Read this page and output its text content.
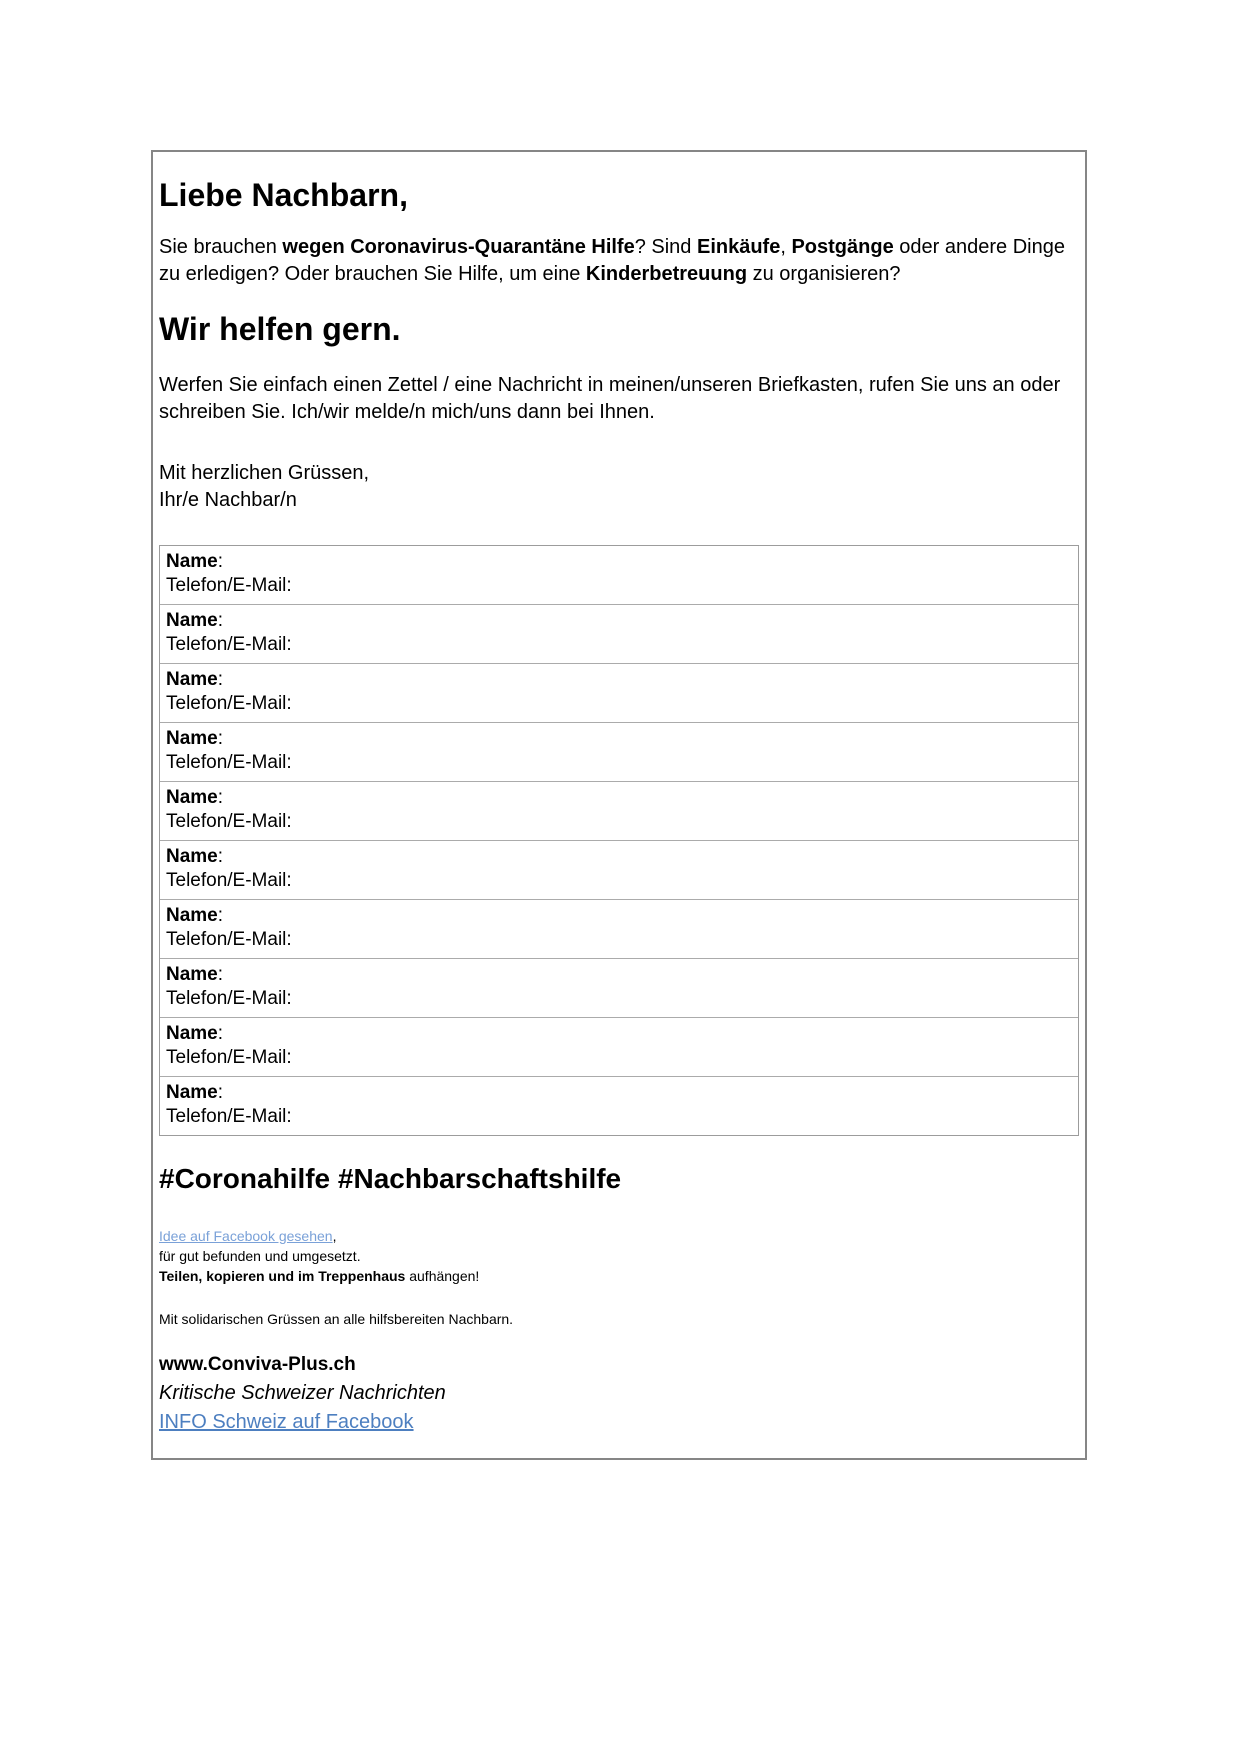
Liebe Nachbarn,

Sie brauchen wegen Coronavirus-Quarantäne Hilfe? Sind Einkäufe, Postgänge oder andere Dinge zu erledigen? Oder brauchen Sie Hilfe, um eine Kinderbetreuung zu organisieren?

Wir helfen gern.

Werfen Sie einfach einen Zettel / eine Nachricht in meinen/unseren Briefkasten, rufen Sie uns an oder schreiben Sie. Ich/wir melde/n mich/uns dann bei Ihnen.

Mit herzlichen Grüssen,
Ihr/e Nachbar/n

Name:
Telefon/E-Mail:
Name:
Telefon/E-Mail:
Name:
Telefon/E-Mail:
Name:
Telefon/E-Mail:
Name:
Telefon/E-Mail:
Name:
Telefon/E-Mail:
Name:
Telefon/E-Mail:
Name:
Telefon/E-Mail:
Name:
Telefon/E-Mail:
Name:
Telefon/E-Mail:
#Coronahilfe #Nachbarschaftshilfe

Idee auf Facebook gesehen,
für gut befunden und umgesetzt.
Teilen, kopieren und im Treppenhaus aufhängen!

Mit solidarischen Grüssen an alle hilfsbereiten Nachbarn.

www.Conviva-Plus.ch
Kritische Schweizer Nachrichten
INFO Schweiz auf Facebook
